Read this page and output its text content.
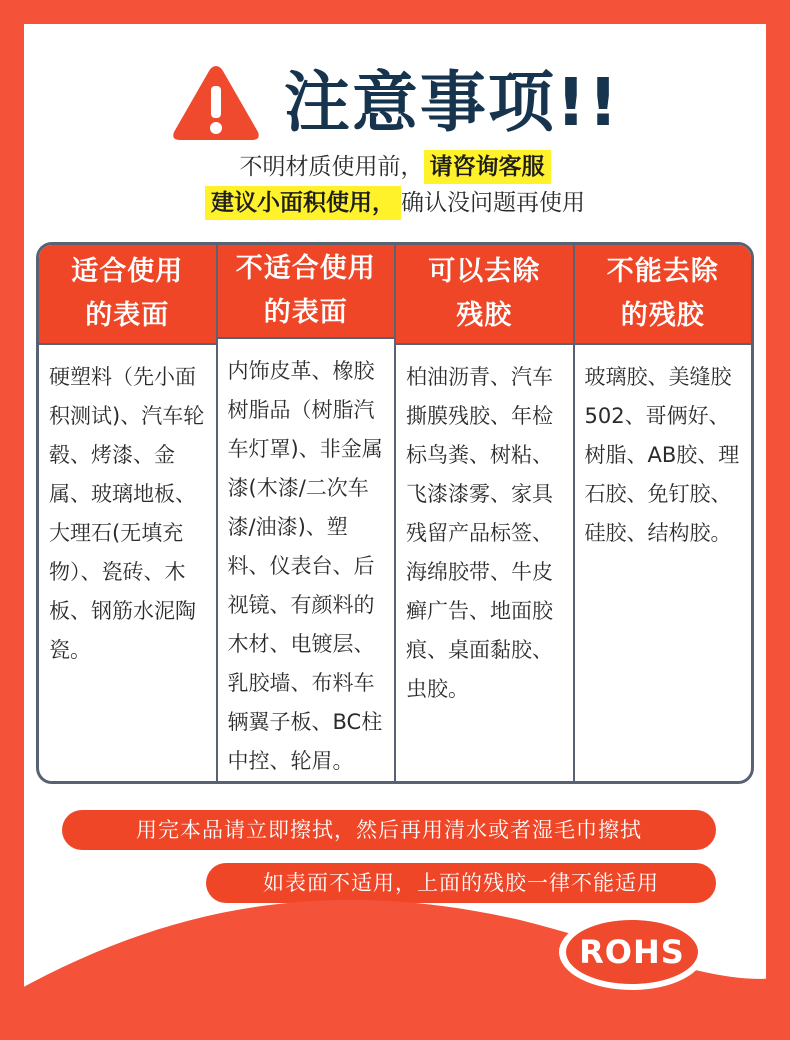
注意事项!!
不明材质使用前， 请咨询客服
建议小面积使用， 确认没问题再使用
适合使用
的表面
硬塑料（先小面积测试)、汽车轮毂、烤漆、金属、玻璃地板、大理石(无填充物）、瓷砖、木板、钢筋水泥陶瓷。
不适合使用
的表面
内饰皮革、橡胶树脂品（树脂汽车灯罩)、非金属漆(木漆/二次车漆/油漆)、塑料、仪表台、后视镜、有颜料的木材、电镀层、乳胶墙、布料车辆翼子板、BC柱中控、轮眉。
可以去除
残胶
柏油沥青、汽车撕膜残胶、年检标鸟粪、树粘、飞漆漆雾、家具残留产品标签、海绵胶带、牛皮癣广告、地面胶痕、桌面黏胶、虫胶。
不能去除
的残胶
玻璃胶、美缝胶502、哥俩好、树脂、AB胶、理石胶、免钉胶、硅胶、结构胶。
用完本品请立即擦拭，然后再用清水或者湿毛巾擦拭
如表面不适用，上面的残胶一律不能适用
ROHS
